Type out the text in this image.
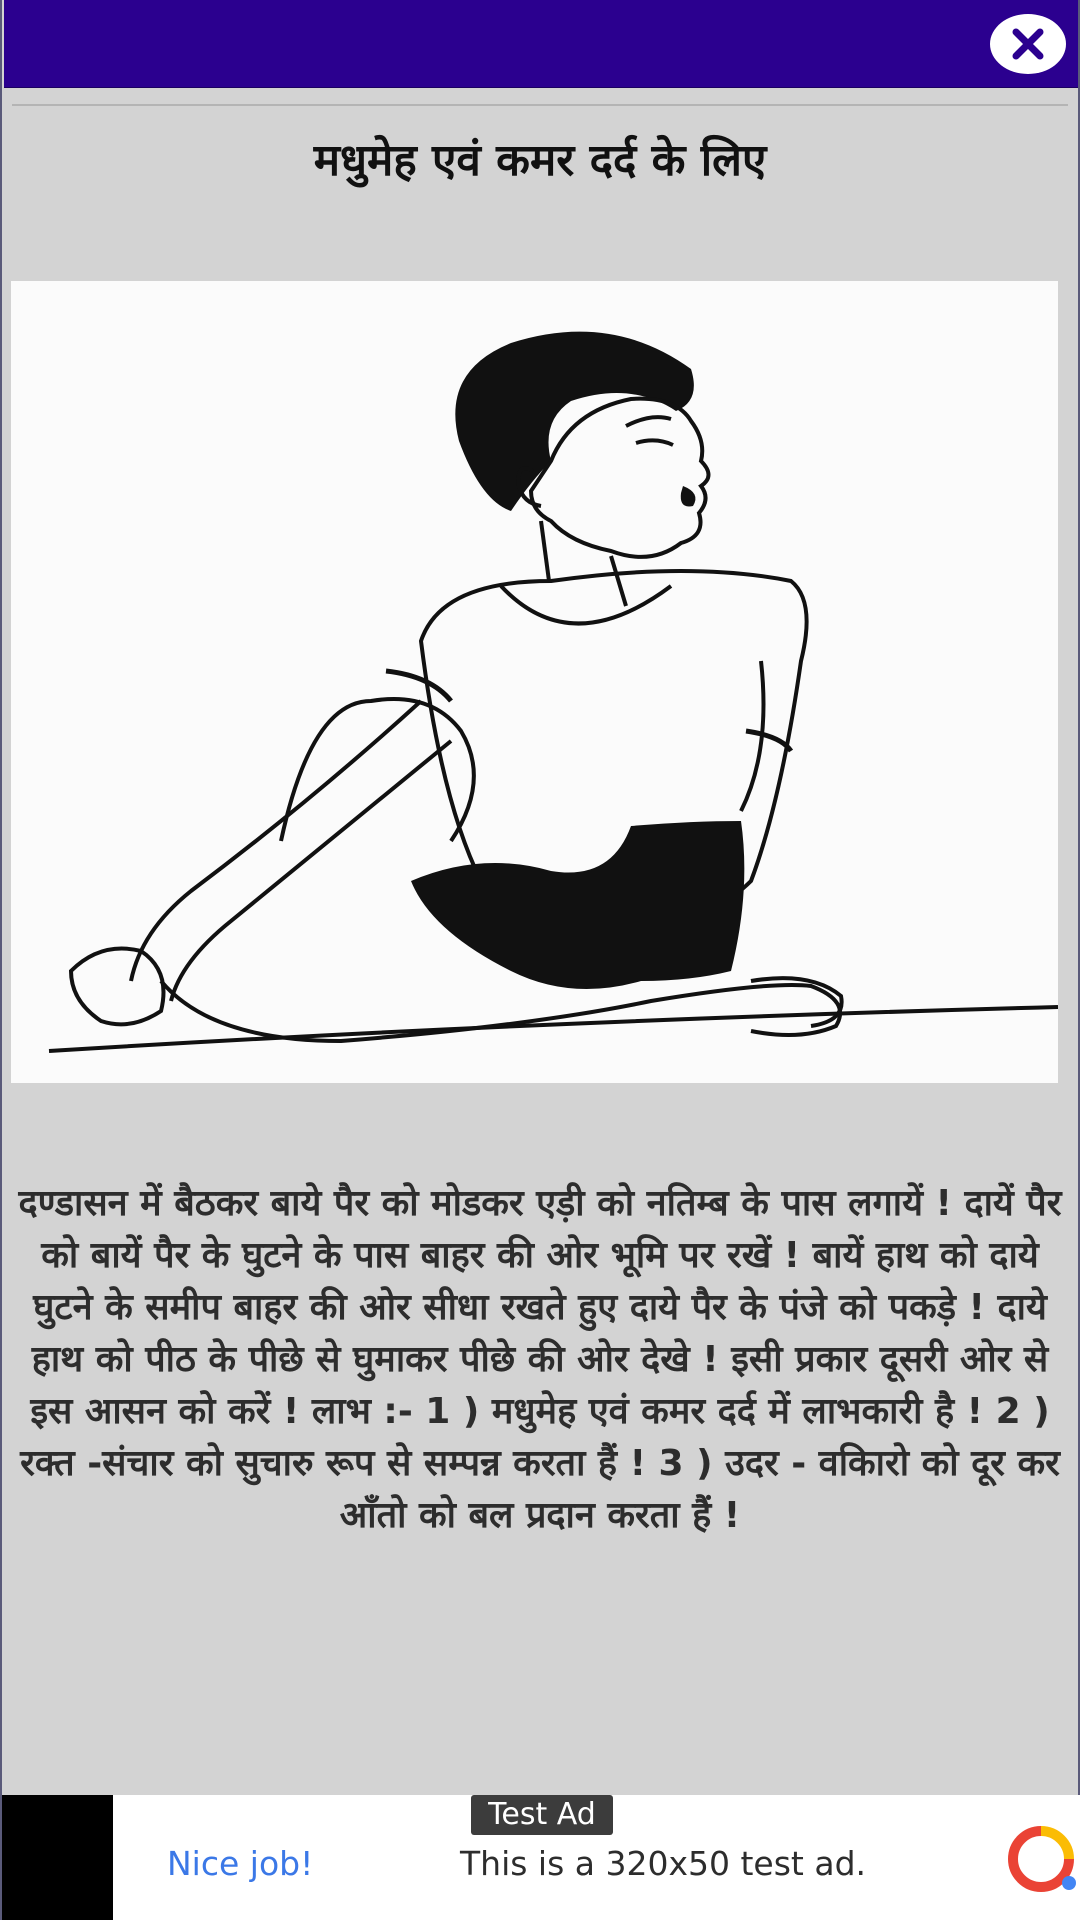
मधुमेह एवं कमर दर्द के लिए
दण्डासन में बैठकर बाये पैर को मोडकर एड़ी को नतिम्ब के पास लगायें ! दायें पैर को बायें पैर के घुटने के पास बाहर की ओर भूमि पर रखें ! बायें हाथ को दाये घुटने के समीप बाहर की ओर सीधा रखते हुए दाये पैर के पंजे को पकड़े ! दाये हाथ को पीठ के पीछे से घुमाकर पीछे की ओर देखे ! इसी प्रकार दूसरी ओर से इस आसन को करें ! लाभ :- 1 ) मधुमेह एवं कमर दर्द में लाभकारी है ! 2 ) रक्त -संचार को सुचारु रूप से सम्पन्न करता हैं ! 3 ) उदर - वकिारो को दूर कर आँतो को बल प्रदान करता हैं !
Test Ad
Nice job!	This is a 320x50 test ad.
